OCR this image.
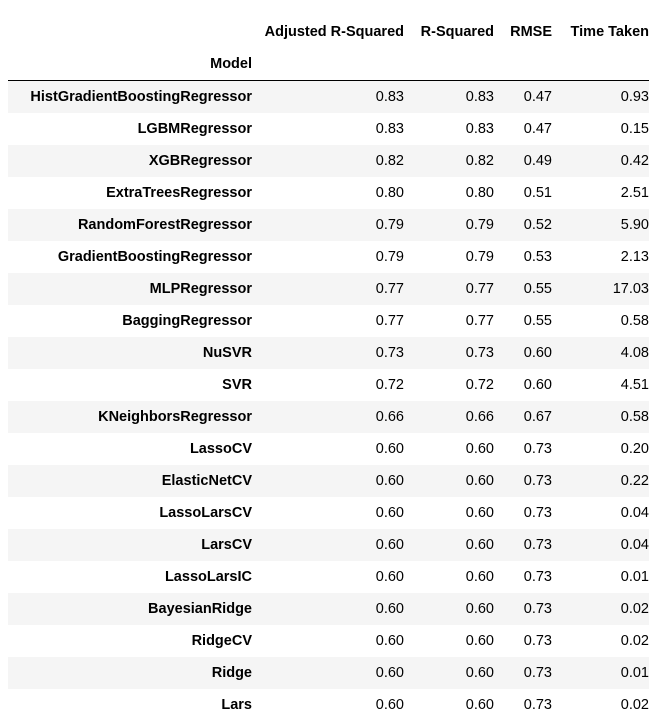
	Adjusted R-Squared	R-Squared	RMSE	Time Taken
Model				
HistGradientBoostingRegressor	0.83	0.83	0.47	0.93
LGBMRegressor	0.83	0.83	0.47	0.15
XGBRegressor	0.82	0.82	0.49	0.42
ExtraTreesRegressor	0.80	0.80	0.51	2.51
RandomForestRegressor	0.79	0.79	0.52	5.90
GradientBoostingRegressor	0.79	0.79	0.53	2.13
MLPRegressor	0.77	0.77	0.55	17.03
BaggingRegressor	0.77	0.77	0.55	0.58
NuSVR	0.73	0.73	0.60	4.08
SVR	0.72	0.72	0.60	4.51
KNeighborsRegressor	0.66	0.66	0.67	0.58
LassoCV	0.60	0.60	0.73	0.20
ElasticNetCV	0.60	0.60	0.73	0.22
LassoLarsCV	0.60	0.60	0.73	0.04
LarsCV	0.60	0.60	0.73	0.04
LassoLarsIC	0.60	0.60	0.73	0.01
BayesianRidge	0.60	0.60	0.73	0.02
RidgeCV	0.60	0.60	0.73	0.02
Ridge	0.60	0.60	0.73	0.01
Lars	0.60	0.60	0.73	0.02
